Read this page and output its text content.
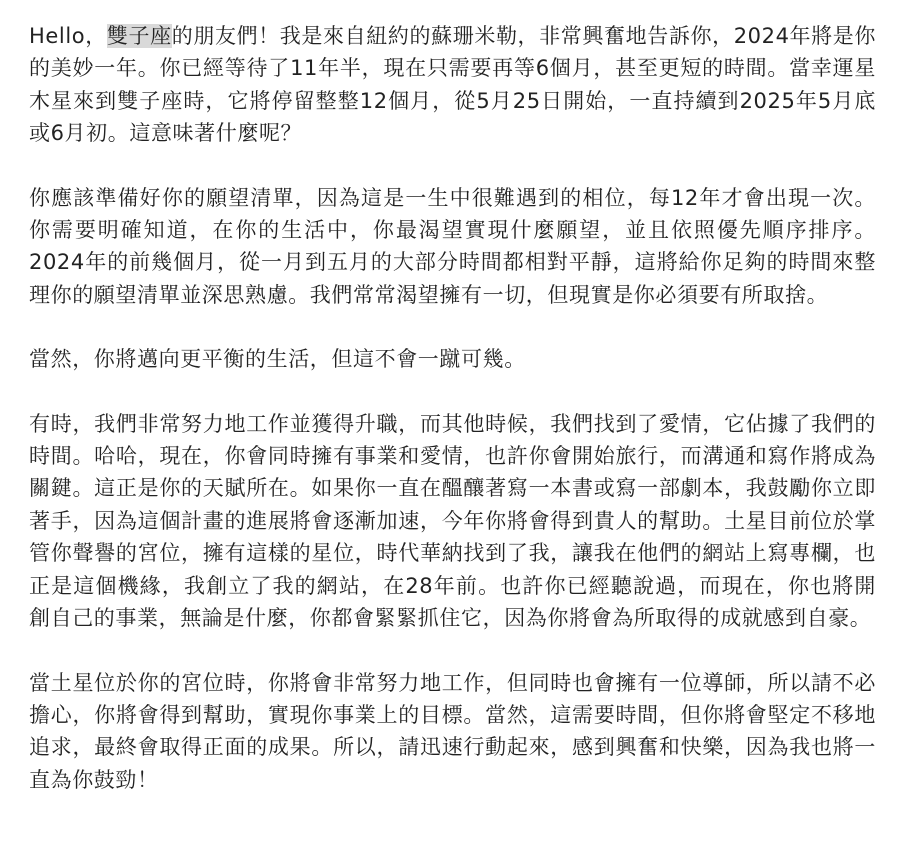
Hello，雙子座的朋友們！我是來自紐約的蘇珊米勒，非常興奮地告訴你，2024年將是你的美妙一年。你已經等待了11年半，現在只需要再等6個月，甚至更短的時間。當幸運星木星來到雙子座時，它將停留整整12個月，從5月25日開始，一直持續到2025年5月底或6月初。這意味著什麼呢？

你應該準備好你的願望清單，因為這是一生中很難遇到的相位，每12年才會出現一次。你需要明確知道，在你的生活中，你最渴望實現什麼願望，並且依照優先順序排序。2024年的前幾個月，從一月到五月的大部分時間都相對平靜，這將給你足夠的時間來整理你的願望清單並深思熟慮。我們常常渴望擁有一切，但現實是你必須要有所取捨。

當然，你將邁向更平衡的生活，但這不會一蹴可幾。

有時，我們非常努力地工作並獲得升職，而其他時候，我們找到了愛情，它佔據了我們的時間。哈哈，現在，你會同時擁有事業和愛情，也許你會開始旅行，而溝通和寫作將成為關鍵。這正是你的天賦所在。如果你一直在醞釀著寫一本書或寫一部劇本，我鼓勵你立即著手，因為這個計畫的進展將會逐漸加速，今年你將會得到貴人的幫助。土星目前位於掌管你聲譽的宮位，擁有這樣的星位，時代華納找到了我，讓我在他們的網站上寫專欄，也正是這個機緣，我創立了我的網站，在28年前。也許你已經聽說過，而現在，你也將開創自己的事業，無論是什麼，你都會緊緊抓住它，因為你將會為所取得的成就感到自豪。

當土星位於你的宮位時，你將會非常努力地工作，但同時也會擁有一位導師，所以請不必擔心，你將會得到幫助，實現你事業上的目標。當然，這需要時間，但你將會堅定不移地追求，最終會取得正面的成果。所以，請迅速行動起來，感到興奮和快樂，因為我也將一直為你鼓勁！
